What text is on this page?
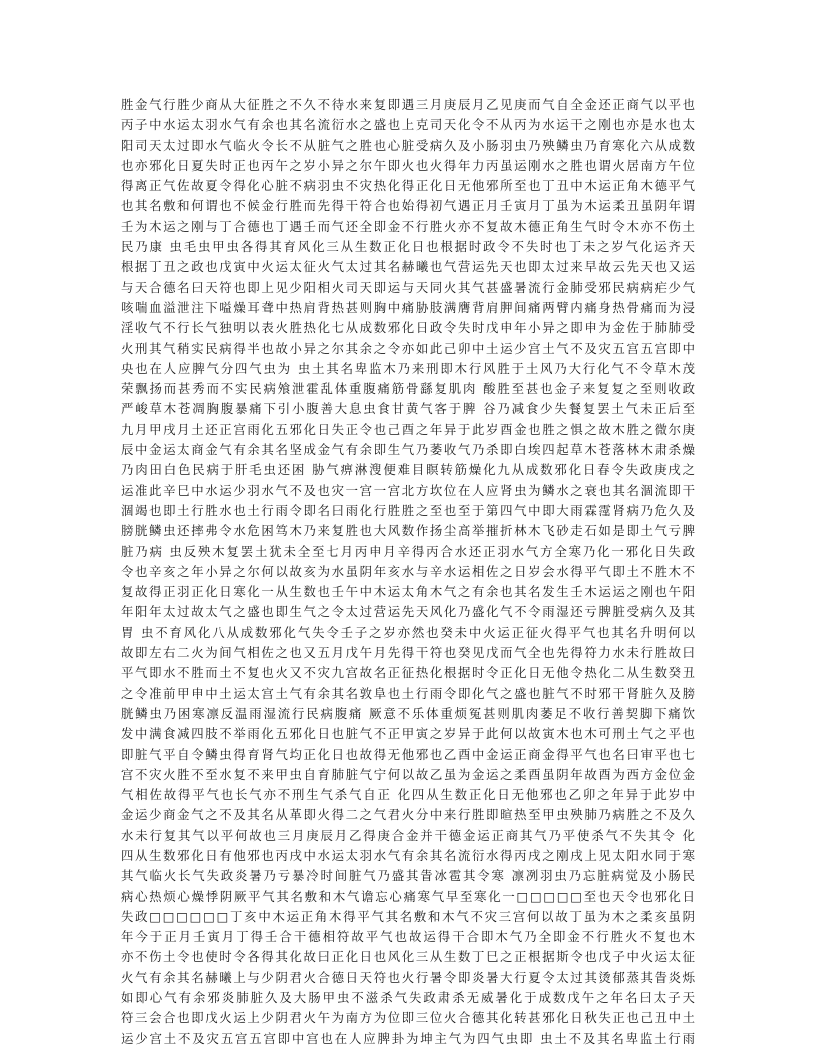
胜金气行胜少商从大征胜之不久不待水来复即遇三月庚辰月乙见庚而气自全金还正商气以平也
丙子中水运太羽水气有余也其名流衍水之盛也上克司天化令不从丙为水运干之刚也亦是水也太
阳司天太过即水气临火令长不从脏气之胜也心脏受病久及小肠羽虫乃殃鳞虫乃育寒化六从成数
也亦邪化日夏失时正也丙午之岁小异之尔午即火也火得年力丙虽运刚水之胜也谓火居南方午位
得离正气佐故夏令得化心脏不病羽虫不灾热化得正化日无他邪所至也丁丑中木运正角木德平气
也其名敷和何谓也不候金行胜而先得干符合也始得初气遇正月壬寅月丁虽为木运柔丑虽阴年谓
壬为木运之刚与丁合德也丁遇壬而气还全即金不行胜火亦不复故木德正角生气时令木亦不伤土
民乃康 虫毛虫甲虫各得其育风化三从生数正化日也根据时政令不失时也丁未之岁气化运齐天
根据丁丑之政也戊寅中火运太征火气太过其名赫曦也气营运先天也即太过来早故云先天也又运
与天合德名曰天符也即上见少阳相火司天即运与天同火其气甚盛暑流行金肺受邪民病病疟少气
咳喘血溢泄注下嗌燥耳聋中热肩背热甚则胸中痛胁肢满膺背肩胛间痛两臂内痛身热骨痛而为浸
淫收气不行长气独明以表火胜热化七从成数邪化日政令失时戊申年小异之即申为金佐于肺肺受
火刑其气稍实民病得半也故小异之尔其余之令亦如此己卯中土运少宫土气不及灾五宫五宫即中
央也在人应脾气分四气虫为 虫土其名卑监木乃来刑即木行风胜于土风乃大行化气不令草木茂
荣飘扬而甚秀而不实民病飧泄霍乱体重腹痛筋骨繇复肌肉 酸胜至甚也金子来复复之至则收政
严峻草木苍凋胸腹暴痛下引小腹善大息虫食甘黄气客于脾 谷乃减食少失餐复罢土气未正后至
九月甲戌月土还正宫雨化五邪化日失正令也己酉之年异于此岁酉金也胜之惧之故木胜之微尔庚
辰中金运太商金气有余其名坚成金气有余即生气乃萎收气乃杀即白埃四起草木苍落林木肃杀燥
乃肉田白色民病于肝毛虫还困 胁气痹淋溲便难目瞑转筋燥化九从成数邪化日春令失政庚戌之
运准此辛巳中水运少羽水气不及也灾一宫一宫北方坎位在人应肾虫为鳞水之衰也其名涸流即干
涸竭也即土行胜水也土行雨令即名曰雨化行胜胜之至也至于第四气中即大雨霖霪肾病乃危久及
膀胱鳞虫还摔弗令水危困笃木乃来复胜也大风数作扬尘高举摧折林木飞砂走石如是即土气亏脾
脏乃病 虫反殃木复罢土犹未全至七月丙申月辛得丙合水还正羽水气方全寒乃化一邪化日失政
令也辛亥之年小异之尔何以故亥为水虽阴年亥水与辛水运相佐之日岁会水得平气即土不胜木不
复故得正羽正化日寒化一从生数也壬午中木运太角木气之有余也其名发生壬木运运之刚也午阳
年阳年太过故太气之盛也即生气之令太过营运先天风化乃盛化气不令雨湿还亏脾脏受病久及其
胃 虫不育风化八从成数邪化气失令壬子之岁亦然也癸未中火运正征火得平气也其名升明何以
故即左右二火为间气相佐之也又五月戊午月先得干符也癸见戊而气全也先得符力水未行胜故曰
平气即水不胜而土不复也火又不灾九宫故名正征热化根据时令正化日无他令热化二从生数癸丑
之令准前甲申中土运太宫土气有余其名敦阜也土行雨令即化气之盛也脏气不时邪干肾脏久及膀
胱鳞虫乃困寒凛反温雨湿流行民病腹痛 厥意不乐体重烦冤甚则肌肉萎足不收行善契脚下痛饮
发中满食减四肢不举雨化五邪化日也脏气不正甲寅之岁异于此何以故寅木也木可刑土气之平也
即脏气平自令鳞虫得育肾气均正化日也故得无他邪也乙酉中金运正商金得平气也名曰审平也七
宫不灾火胜不至水复不来甲虫自育肺脏气宁何以故乙虽为金运之柔酉虽阴年故酉为西方金位金
气相佐故得平气也长气亦不刑生气杀气自正 化四从生数正化日无他邪也乙卯之年异于此岁中
金运少商金气之不及其名从革即火得二之气君火分中来行胜即暄热至甲虫殃肺乃病胜之不及久
水未行复其气以平何故也三月庚辰月乙得庚合金并干德金运正商其气乃平使杀气不失其令 化
四从生数邪化日有他邪也丙戌中水运太羽水气有余其名流衍水得丙戌之刚戌上见太阳水同于寒
其气临火长气失政炎暑乃亏暴冷时间脏气乃盛其眚冰雹其令寒 凛冽羽虫乃忘脏病觉及小肠民
病心热烦心燥悸阴厥平气其名敷和木气谵忘心痛寒气早至寒化一□□□□□至也天令也邪化日
失政□□□□□□丁亥中木运正角木得平气其名敷和木气不灾三宫何以故丁虽为木之柔亥虽阴
年今于正月壬寅月丁得壬合干德相符故平气也故运得干合即木气乃全即金不行胜火不复也木
亦不伤土令也使时令各得其化故曰正化日也风化三从生数丁巳之正根据斯令也戊子中火运太征
火气有余其名赫曦上与少阴君火合德日天符也火行暑令即炎暑大行夏令太过其烫郁蒸其眚炎烁
如即心气有余邪炎肺脏久及大肠甲虫不滋杀气失政肃杀无威暑化于成数戊午之年名曰太子天
符三会合也即戊火运上少阴君火午为南方为位即三位火合德其化转甚邪化日秋失正也己丑中土
运少宫土不及灾五宫五宫即中宫也在人应脾卦为坤主气为四气虫即 虫土不及其名卑监土行雨
